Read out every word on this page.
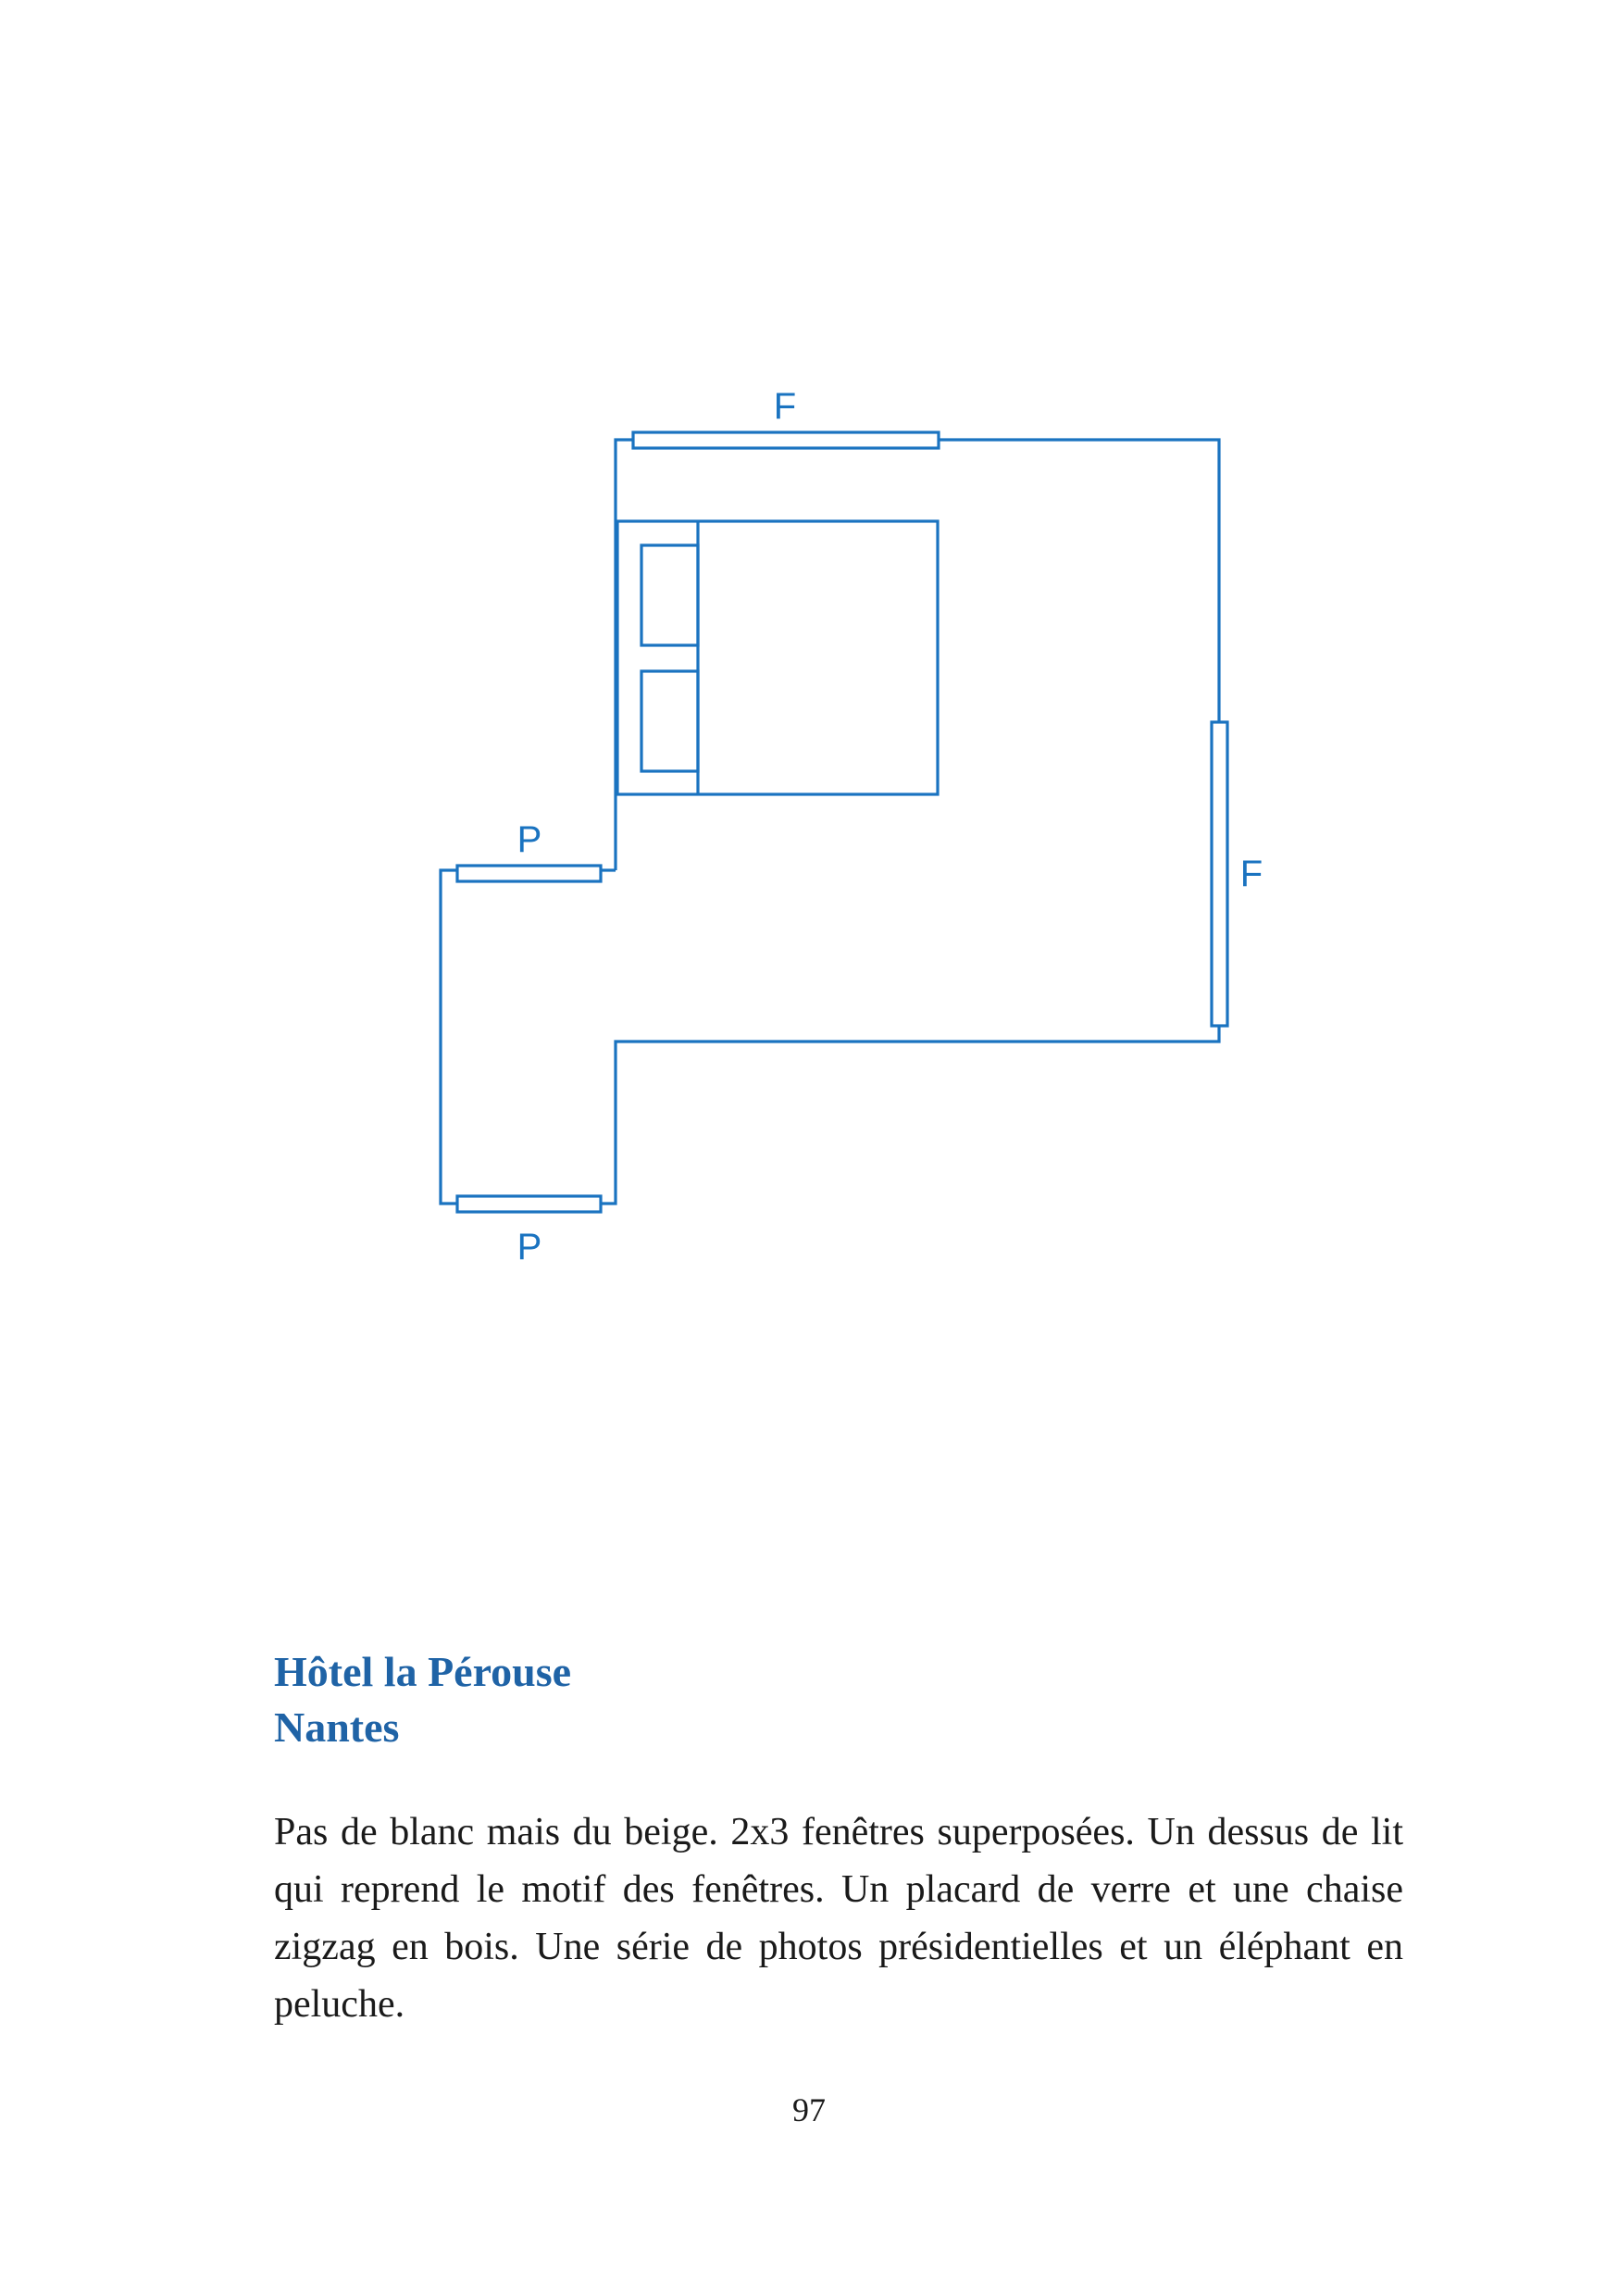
F
F
P
P
Hôtel la Pérouse
Nantes

Pas de blanc mais du beige. 2x3 fenêtres superposées. Un dessus de lit qui reprend le motif des fenêtres. Un placard de verre et une chaise zigzag en bois. Une série de photos présidentielles et un éléphant en peluche.

97
